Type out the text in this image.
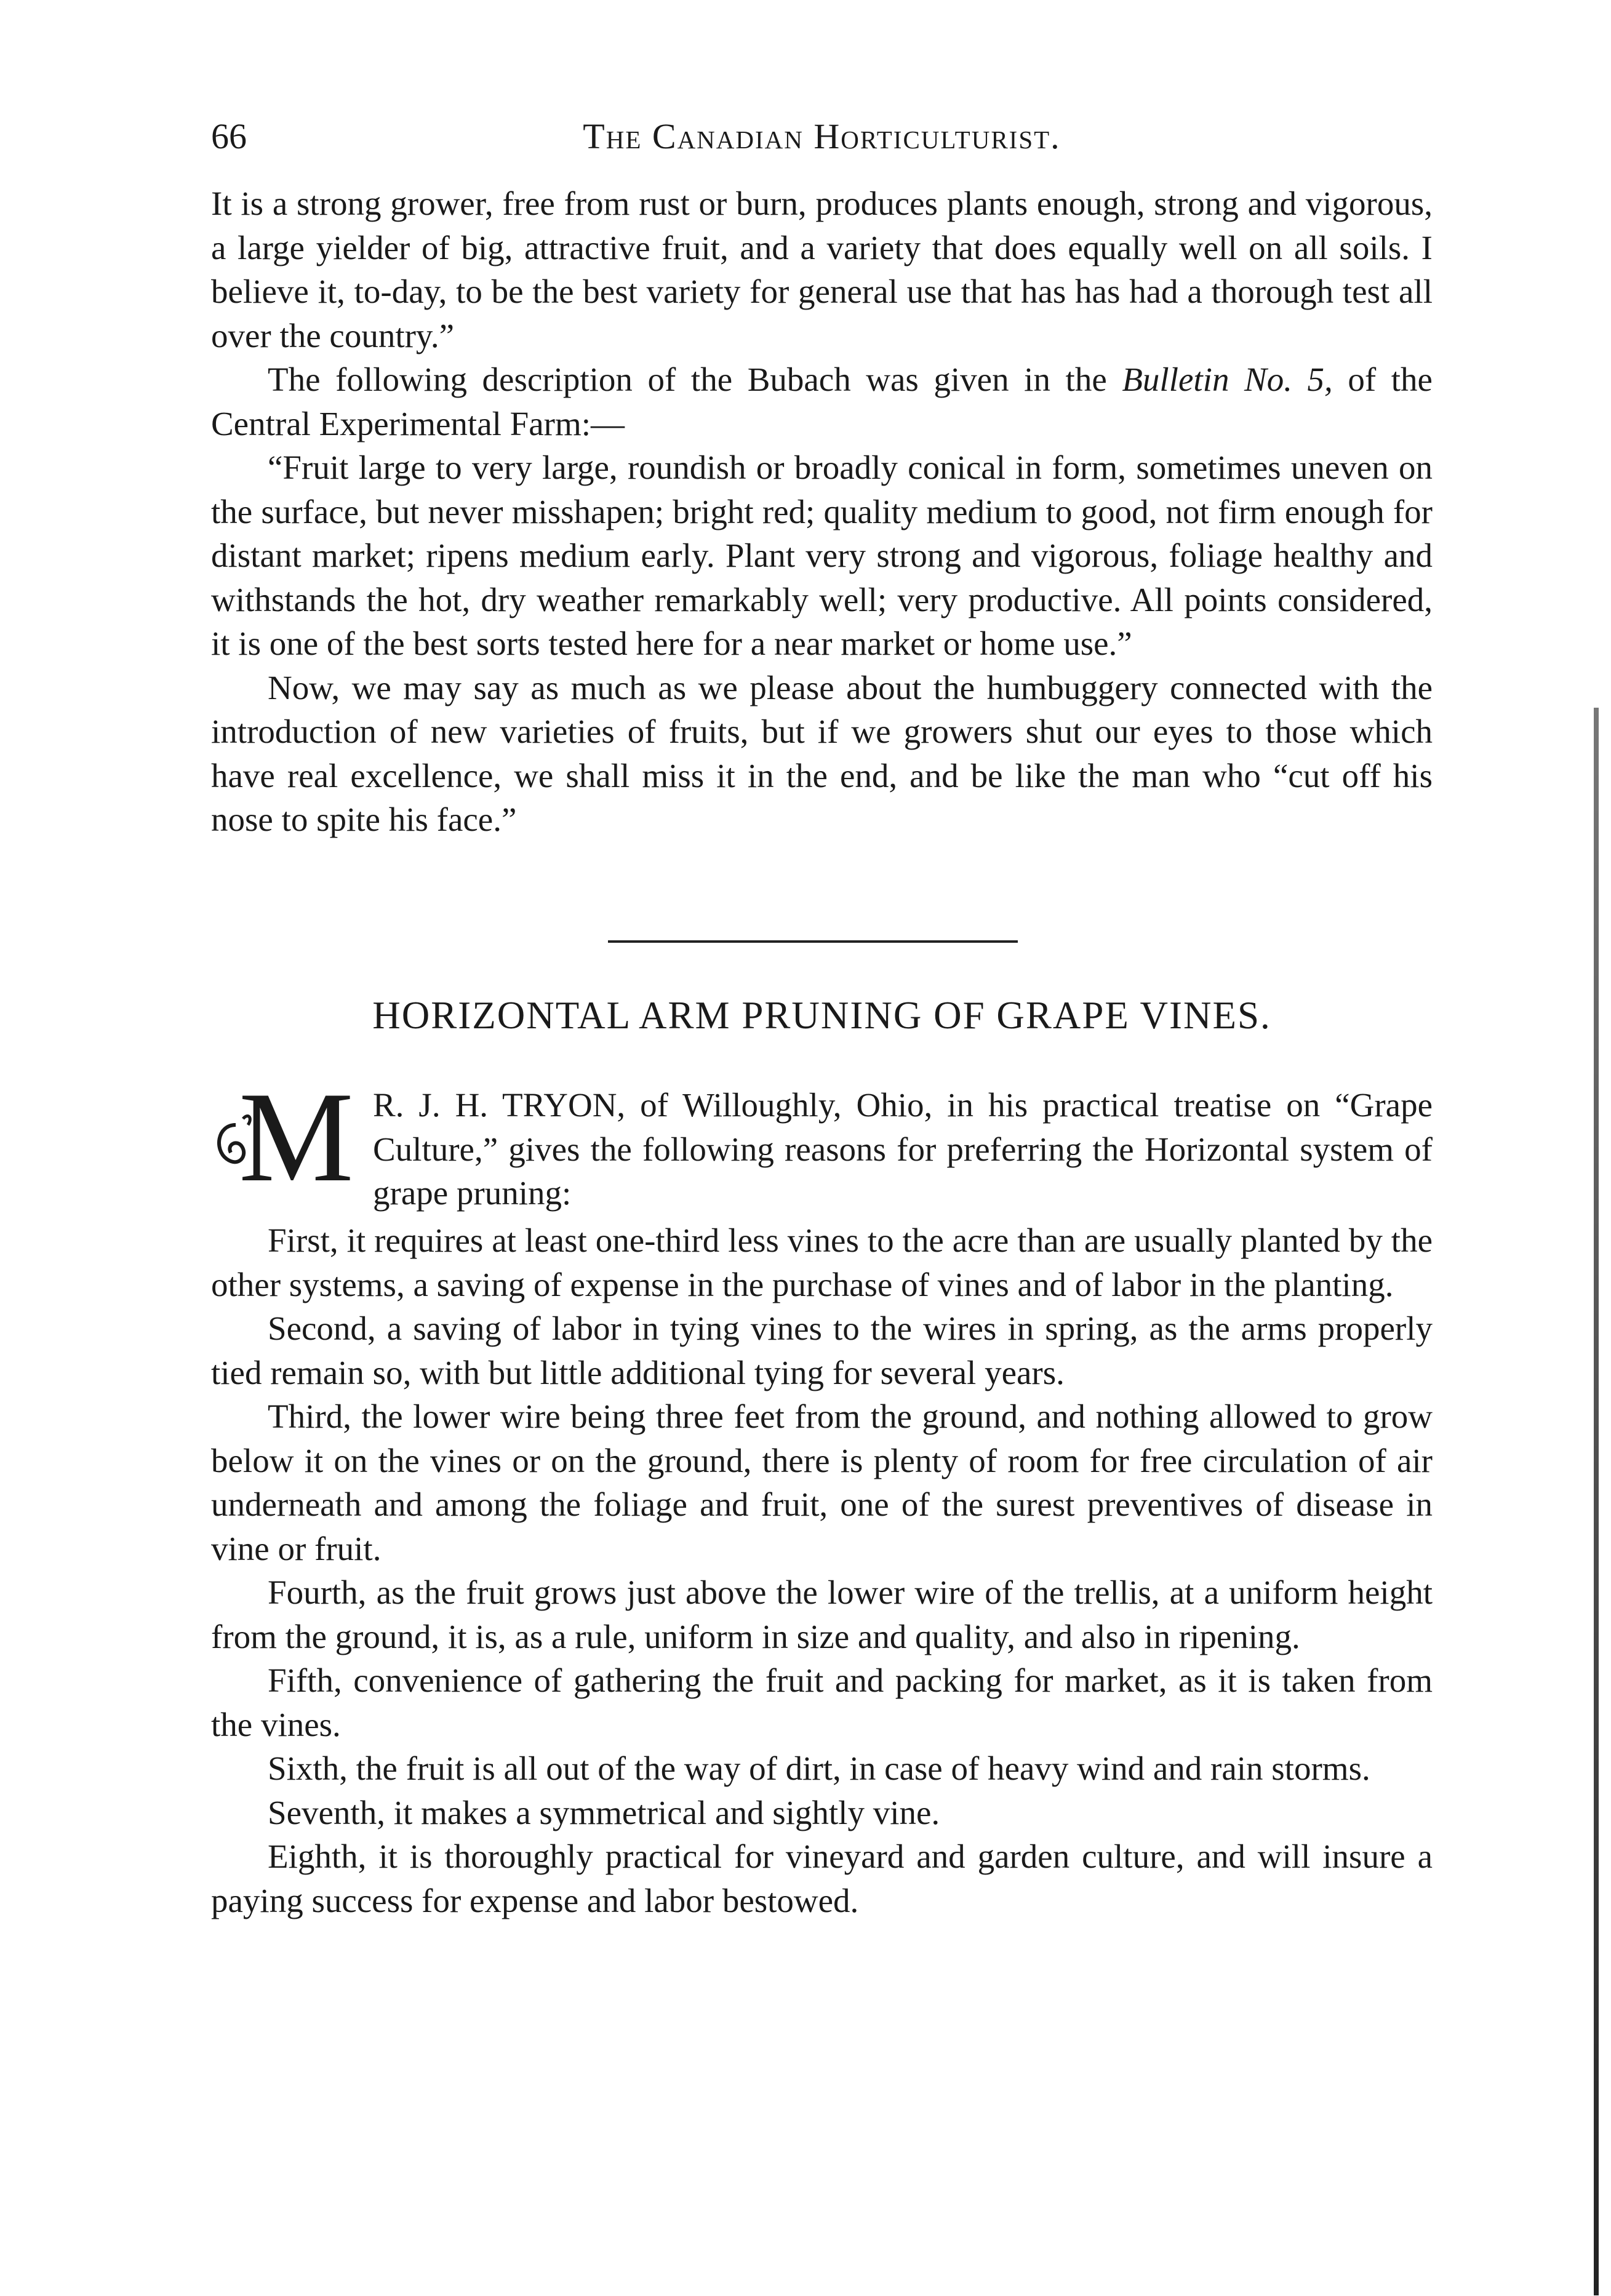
66	The Canadian Horticulturist.

It is a strong grower, free from rust or burn, produces plants enough, strong and vigorous, a large yielder of big, attractive fruit, and a variety that does equally well on all soils. I believe it, to-day, to be the best variety for general use that has has had a thorough test all over the country.”

The following description of the Bubach was given in the Bulletin No. 5, of the Central Experimental Farm:—

“Fruit large to very large, roundish or broadly conical in form, sometimes uneven on the surface, but never misshapen; bright red; quality medium to good, not firm enough for distant market; ripens medium early. Plant very strong and vigorous, foliage healthy and withstands the hot, dry weather remarkably well; very productive. All points considered, it is one of the best sorts tested here for a near market or home use.”

Now, we may say as much as we please about the humbuggery connected with the introduction of new varieties of fruits, but if we growers shut our eyes to those which have real excellence, we shall miss it in the end, and be like the man who “cut off his nose to spite his face.”

HORIZONTAL ARM PRUNING OF GRAPE VINES.
M R. J. H. TRYON, of Willoughly, Ohio, in his practical treatise on “Grape Culture,” gives the following reasons for preferring the Horizontal system of grape pruning:

First, it requires at least one-third less vines to the acre than are usually planted by the other systems, a saving of expense in the purchase of vines and of labor in the planting.

Second, a saving of labor in tying vines to the wires in spring, as the arms properly tied remain so, with but little additional tying for several years.

Third, the lower wire being three feet from the ground, and nothing allowed to grow below it on the vines or on the ground, there is plenty of room for free circulation of air underneath and among the foliage and fruit, one of the surest preventives of disease in vine or fruit.

Fourth, as the fruit grows just above the lower wire of the trellis, at a uniform height from the ground, it is, as a rule, uniform in size and quality, and also in ripening.

Fifth, convenience of gathering the fruit and packing for market, as it is taken from the vines.

Sixth, the fruit is all out of the way of dirt, in case of heavy wind and rain storms.

Seventh, it makes a symmetrical and sightly vine.

Eighth, it is thoroughly practical for vineyard and garden culture, and will insure a paying success for expense and labor bestowed.
